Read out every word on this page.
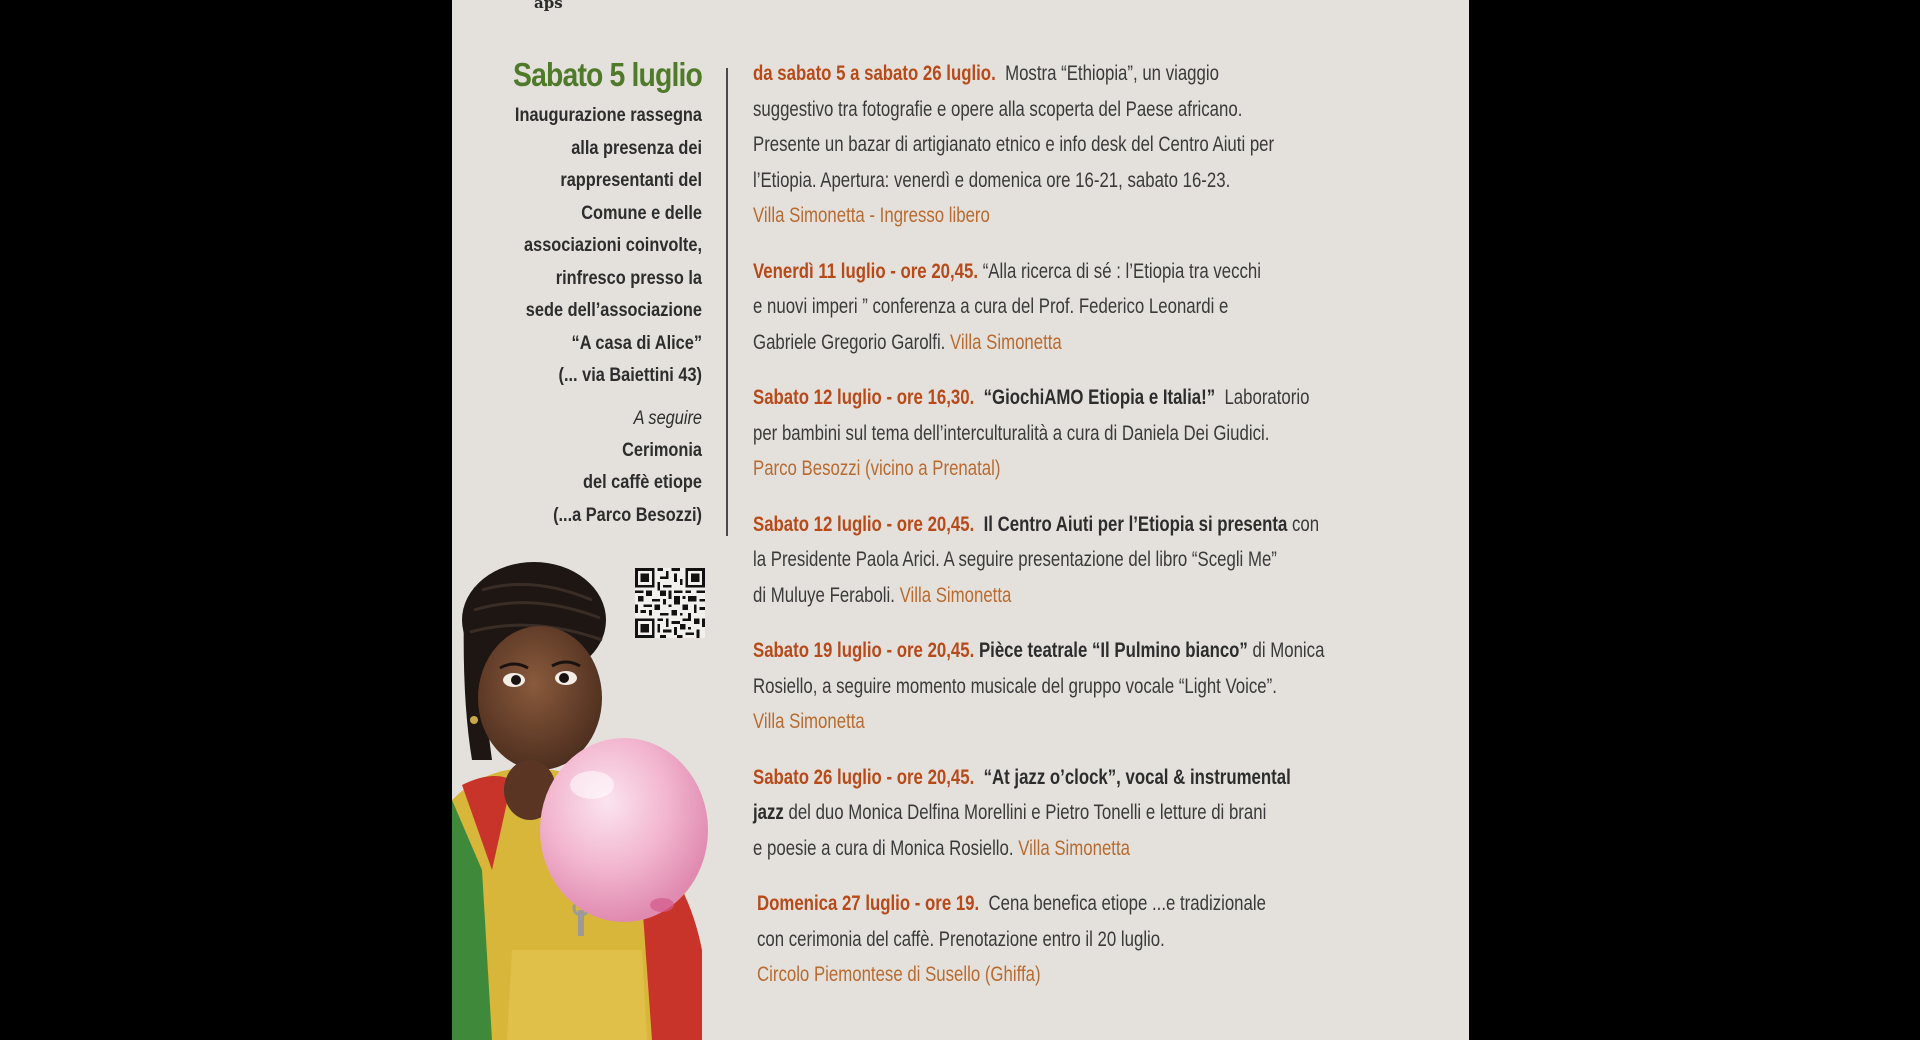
aps
Sabato 5 luglio
Inaugurazione rassegna
alla presenza dei
rappresentanti del
Comune e delle
associazioni coinvolte,
rinfresco presso la
sede dell’associazione
“A casa di Alice”
(... via Baiettini 43)
A seguire
Cerimonia
del caffè etiope
(...a Parco Besozzi)
da sabato 5 a sabato 26 luglio. Mostra “Ethiopia”, un viaggio
suggestivo tra fotografie e opere alla scoperta del Paese africano.
Presente un bazar di artigianato etnico e info desk del Centro Aiuti per
l’Etiopia. Apertura: venerdì e domenica ore 16-21, sabato 16-23.
Villa Simonetta - Ingresso libero
Venerdì 11 luglio - ore 20,45. “Alla ricerca di sé : l’Etiopia tra vecchi
e nuovi imperi ” conferenza a cura del Prof. Federico Leonardi e
Gabriele Gregorio Garolfi. Villa Simonetta
Sabato 12 luglio - ore 16,30. “GiochiAMO Etiopia e Italia!” Laboratorio
per bambini sul tema dell’interculturalità a cura di Daniela Dei Giudici.
Parco Besozzi (vicino a Prenatal)
Sabato 12 luglio - ore 20,45. Il Centro Aiuti per l’Etiopia si presenta con
la Presidente Paola Arici. A seguire presentazione del libro “Scegli Me”
di Muluye Feraboli. Villa Simonetta
Sabato 19 luglio - ore 20,45. Pièce teatrale “Il Pulmino bianco” di Monica
Rosiello, a seguire momento musicale del gruppo vocale “Light Voice”.
Villa Simonetta
Sabato 26 luglio - ore 20,45. “At jazz o’clock”, vocal & instrumental
jazz del duo Monica Delfina Morellini e Pietro Tonelli e letture di brani
e poesie a cura di Monica Rosiello. Villa Simonetta
Domenica 27 luglio - ore 19. Cena benefica etiope ...e tradizionale
con cerimonia del caffè. Prenotazione entro il 20 luglio.
Circolo Piemontese di Susello (Ghiffa)
